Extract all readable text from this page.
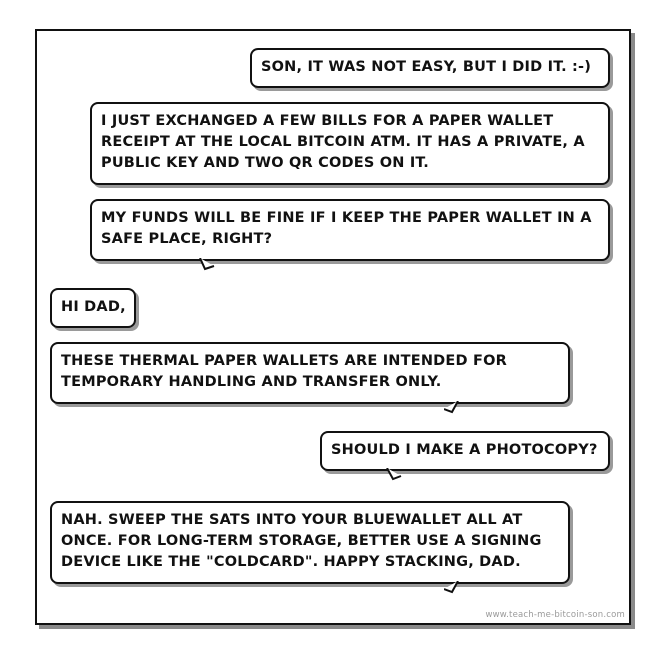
SON, IT WAS NOT EASY, BUT I DID IT. :-)
I JUST EXCHANGED A FEW BILLS FOR A PAPER WALLET RECEIPT AT THE LOCAL BITCOIN ATM. IT HAS A PRIVATE, A PUBLIC KEY AND TWO QR CODES ON IT.
MY FUNDS WILL BE FINE IF I KEEP THE PAPER WALLET IN A SAFE PLACE, RIGHT?
HI DAD,
THESE THERMAL PAPER WALLETS ARE INTENDED FOR TEMPORARY HANDLING AND TRANSFER ONLY.
SHOULD I MAKE A PHOTOCOPY?
NAH. SWEEP THE SATS INTO YOUR BLUEWALLET ALL AT ONCE. FOR LONG-TERM STORAGE, BETTER USE A SIGNING DEVICE LIKE THE "COLDCARD". HAPPY STACKING, DAD.
www.teach-me-bitcoin-son.com
